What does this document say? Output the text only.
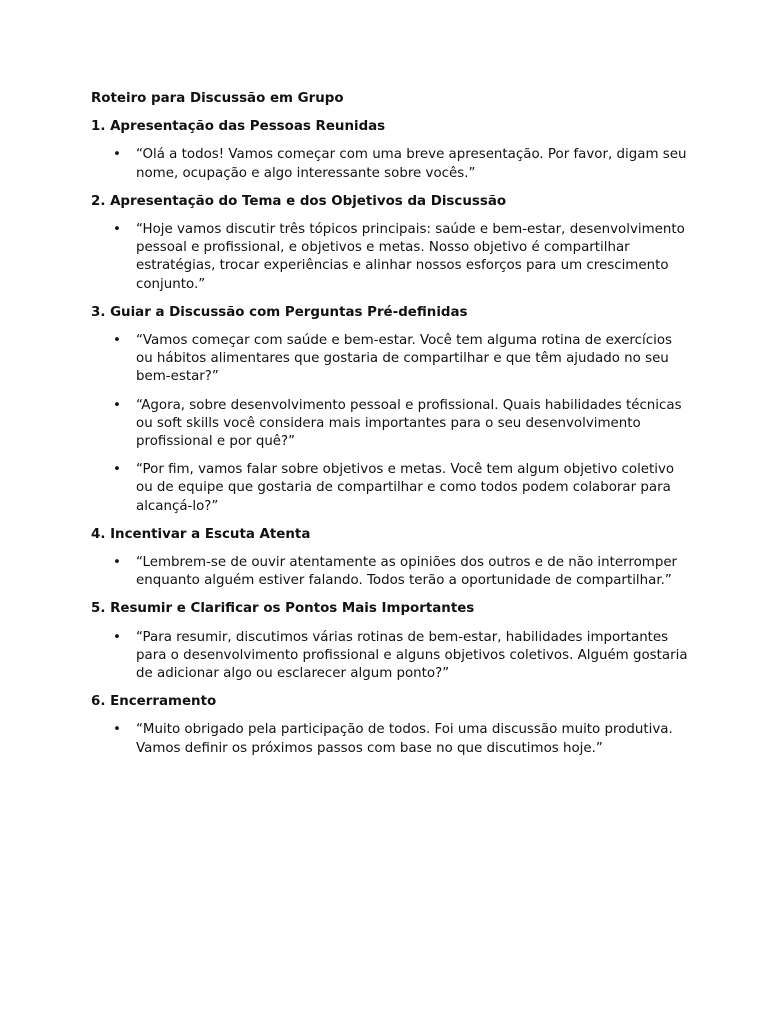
Roteiro para Discussão em Grupo
1. Apresentação das Pessoas Reunidas
• “Olá a todos! Vamos começar com uma breve apresentação. Por favor, digam seu nome, ocupação e algo interessante sobre vocês.”
2. Apresentação do Tema e dos Objetivos da Discussão
• “Hoje vamos discutir três tópicos principais: saúde e bem-estar, desenvolvimento pessoal e profissional, e objetivos e metas. Nosso objetivo é compartilhar estratégias, trocar experiências e alinhar nossos esforços para um crescimento conjunto.”
3. Guiar a Discussão com Perguntas Pré-definidas
• “Vamos começar com saúde e bem-estar. Você tem alguma rotina de exercícios ou hábitos alimentares que gostaria de compartilhar e que têm ajudado no seu bem-estar?”
• “Agora, sobre desenvolvimento pessoal e profissional. Quais habilidades técnicas ou soft skills você considera mais importantes para o seu desenvolvimento profissional e por quê?”
• “Por fim, vamos falar sobre objetivos e metas. Você tem algum objetivo coletivo ou de equipe que gostaria de compartilhar e como todos podem colaborar para alcançá-lo?”
4. Incentivar a Escuta Atenta
• “Lembrem-se de ouvir atentamente as opiniões dos outros e de não interromper enquanto alguém estiver falando. Todos terão a oportunidade de compartilhar.”
5. Resumir e Clarificar os Pontos Mais Importantes
• “Para resumir, discutimos várias rotinas de bem-estar, habilidades importantes para o desenvolvimento profissional e alguns objetivos coletivos. Alguém gostaria de adicionar algo ou esclarecer algum ponto?”
6. Encerramento
• “Muito obrigado pela participação de todos. Foi uma discussão muito produtiva. Vamos definir os próximos passos com base no que discutimos hoje.”
